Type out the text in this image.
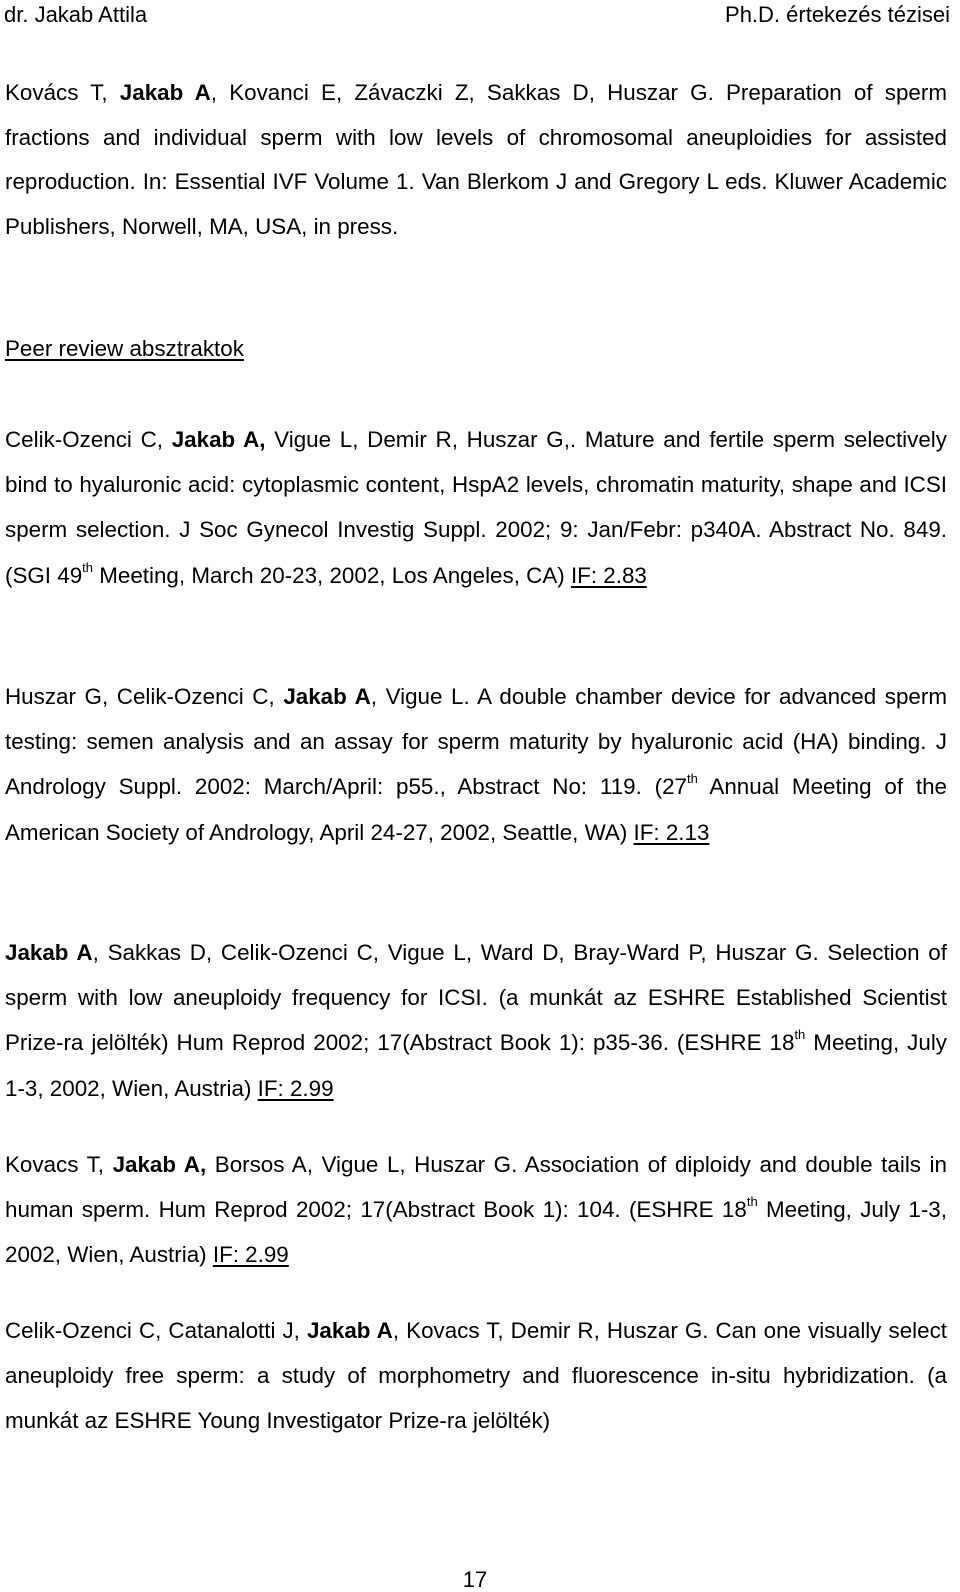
dr. Jakab Attila	Ph.D. értekezés tézisei
Kovács T, Jakab A, Kovanci E, Závaczki Z, Sakkas D, Huszar G. Preparation of sperm fractions and individual sperm with low levels of chromosomal aneuploidies for assisted reproduction. In: Essential IVF Volume 1. Van Blerkom J and Gregory L eds. Kluwer Academic Publishers, Norwell, MA, USA, in press.
Peer review absztraktok
Celik-Ozenci C, Jakab A, Vigue L, Demir R, Huszar G,. Mature and fertile sperm selectively bind to hyaluronic acid: cytoplasmic content, HspA2 levels, chromatin maturity, shape and ICSI sperm selection. J Soc Gynecol Investig Suppl. 2002; 9: Jan/Febr: p340A. Abstract No. 849. (SGI 49th Meeting, March 20-23, 2002, Los Angeles, CA) IF: 2.83
Huszar G, Celik-Ozenci C, Jakab A, Vigue L. A double chamber device for advanced sperm testing: semen analysis and an assay for sperm maturity by hyaluronic acid (HA) binding. J Andrology Suppl. 2002: March/April: p55., Abstract No: 119. (27th Annual Meeting of the American Society of Andrology, April 24-27, 2002, Seattle, WA) IF: 2.13
Jakab A, Sakkas D, Celik-Ozenci C, Vigue L, Ward D, Bray-Ward P, Huszar G. Selection of sperm with low aneuploidy frequency for ICSI. (a munkát az ESHRE Established Scientist Prize-ra jelölték) Hum Reprod 2002; 17(Abstract Book 1): p35-36. (ESHRE 18th Meeting, July 1-3, 2002, Wien, Austria) IF: 2.99
Kovacs T, Jakab A, Borsos A, Vigue L, Huszar G. Association of diploidy and double tails in human sperm. Hum Reprod 2002; 17(Abstract Book 1): 104. (ESHRE 18th Meeting, July 1-3, 2002, Wien, Austria) IF: 2.99
Celik-Ozenci C, Catanalotti J, Jakab A, Kovacs T, Demir R, Huszar G. Can one visually select aneuploidy free sperm: a study of morphometry and fluorescence in-situ hybridization. (a munkát az ESHRE Young Investigator Prize-ra jelölték)
17
